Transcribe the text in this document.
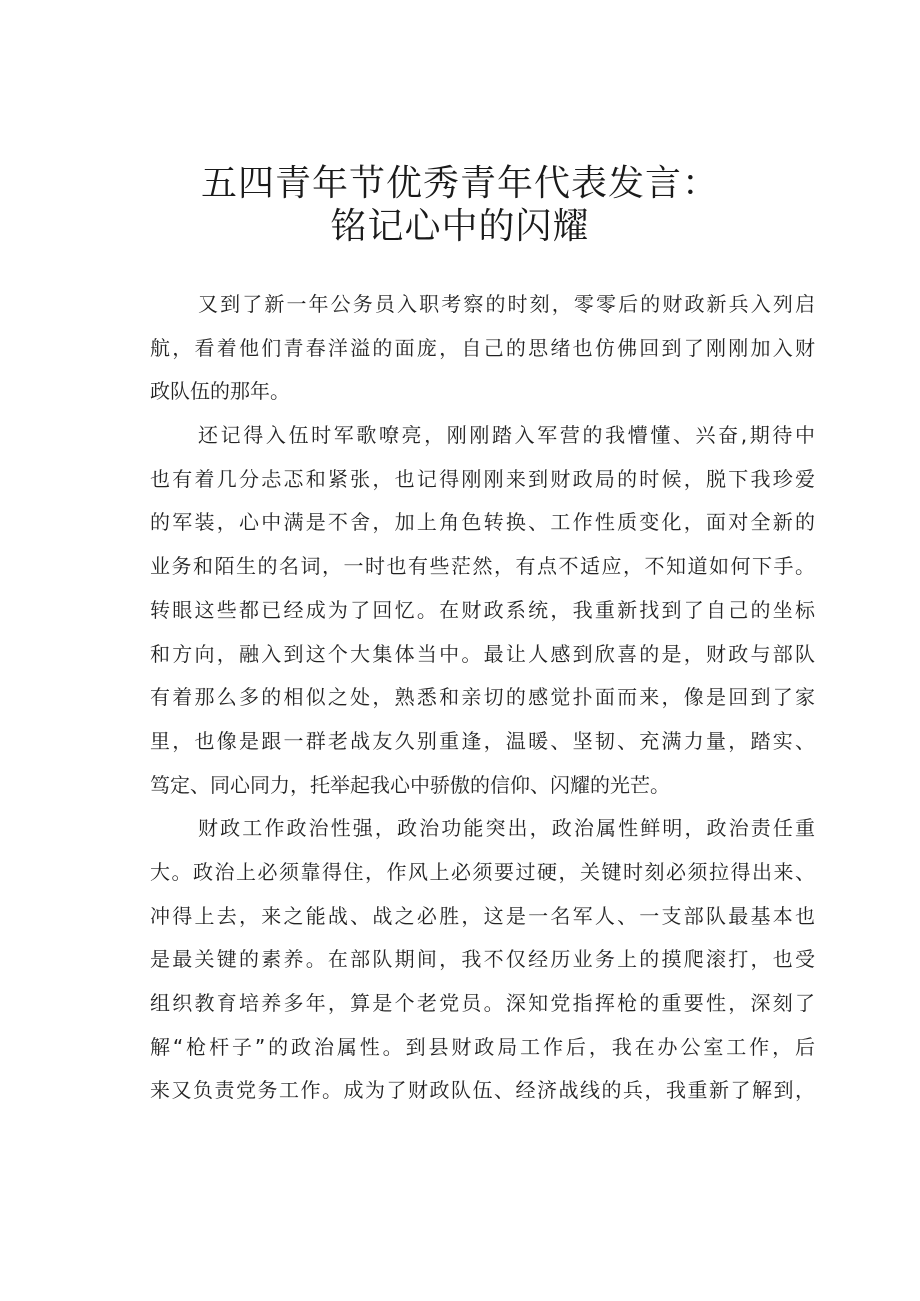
五四青年节优秀青年代表发言：
铭记心中的闪耀
又到了新一年公务员入职考察的时刻，零零后的财政新兵入列启
航，看着他们青春洋溢的面庞，自己的思绪也仿佛回到了刚刚加入财
政队伍的那年。
还记得入伍时军歌嘹亮，刚刚踏入军营的我懵懂、兴奋,期待中
也有着几分忐忑和紧张，也记得刚刚来到财政局的时候，脱下我珍爱
的军装，心中满是不舍，加上角色转换、工作性质变化，面对全新的
业务和陌生的名词，一时也有些茫然，有点不适应，不知道如何下手。
转眼这些都已经成为了回忆。在财政系统，我重新找到了自己的坐标
和方向，融入到这个大集体当中。最让人感到欣喜的是，财政与部队
有着那么多的相似之处，熟悉和亲切的感觉扑面而来，像是回到了家
里，也像是跟一群老战友久别重逢，温暖、坚韧、充满力量，踏实、
笃定、同心同力，托举起我心中骄傲的信仰、闪耀的光芒。
财政工作政治性强，政治功能突出，政治属性鲜明，政治责任重
大。政治上必须靠得住，作风上必须要过硬，关键时刻必须拉得出来、
冲得上去，来之能战、战之必胜，这是一名军人、一支部队最基本也
是最关键的素养。在部队期间，我不仅经历业务上的摸爬滚打，也受
组织教育培养多年，算是个老党员。深知党指挥枪的重要性，深刻了
解“枪杆子”的政治属性。到县财政局工作后，我在办公室工作，后
来又负责党务工作。成为了财政队伍、经济战线的兵，我重新了解到，
